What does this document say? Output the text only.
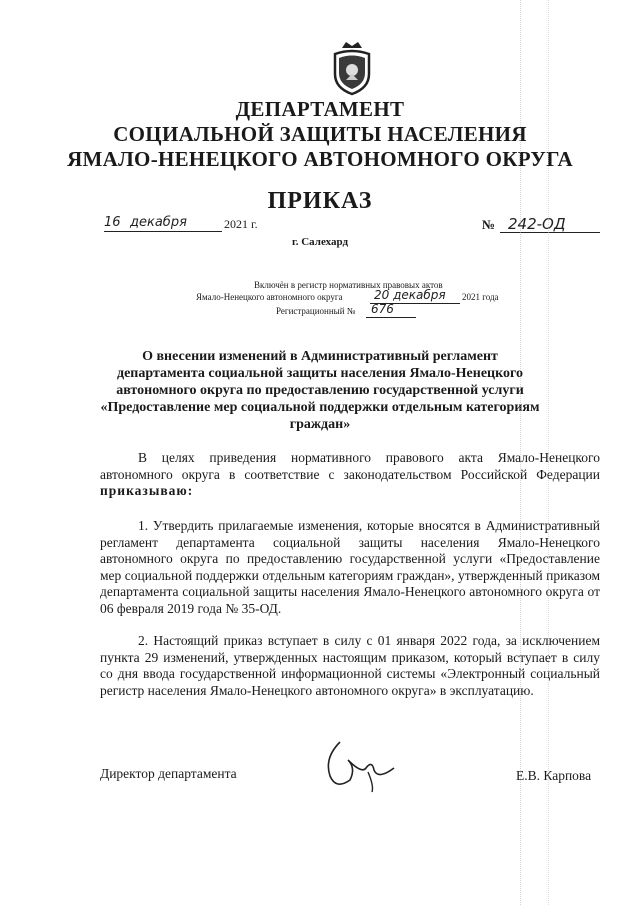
ДЕПАРТАМЕНТ
СОЦИАЛЬНОЙ ЗАЩИТЫ НАСЕЛЕНИЯ
ЯМАЛО-НЕНЕЦКОГО АВТОНОМНОГО ОКРУГА
ПРИКАЗ
16 декабря	2021 г.	№ 242-ОД
г. Салехард
Включён в регистр нормативных правовых актов
Ямало-Ненецкого автономного округа	20 декабря 2021 года
Регистрационный № 676
О внесении изменений в Административный регламент департамента социальной защиты населения Ямало-Ненецкого автономного округа по предоставлению государственной услуги «Предоставление мер социальной поддержки отдельным категориям граждан»
В целях приведения нормативного правового акта Ямало-Ненецкого автономного округа в соответствие с законодательством Российской Федерации приказываю:
1. Утвердить прилагаемые изменения, которые вносятся в Административный регламент департамента социальной защиты населения Ямало-Ненецкого автономного округа по предоставлению государственной услуги «Предоставление мер социальной поддержки отдельным категориям граждан», утвержденный приказом департамента социальной защиты населения Ямало-Ненецкого автономного округа от 06 февраля 2019 года № 35-ОД.
2. Настоящий приказ вступает в силу с 01 января 2022 года, за исключением пункта 29 изменений, утвержденных настоящим приказом, который вступает в силу со дня ввода государственной информационной системы «Электронный социальный регистр населения Ямало-Ненецкого автономного округа» в эксплуатацию.
Директор департамента	Е.В. Карпова
